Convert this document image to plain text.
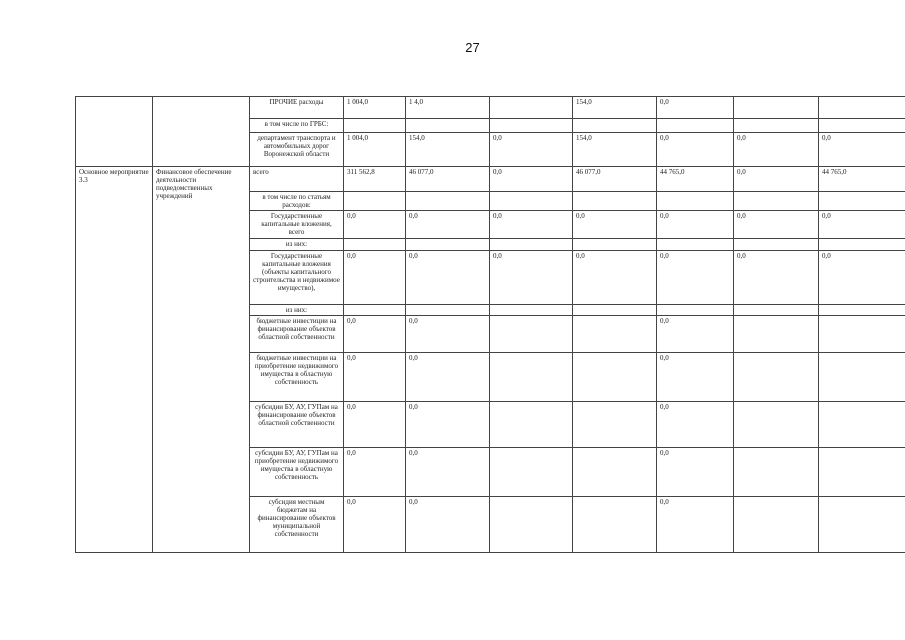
27
		ПРОЧИЕ расходы	1 004,0	1 4,0		154,0	0,0		
		в том числе по ГРБС:							
		департамент транспорта и автомобильных дорог Воронежской области	1 004,0	154,0	0,0	154,0	0,0	0,0	0,0
Основное мероприятие 3.3	Финансовое обеспечение деятельности подведомственных учреждений	всего	311 562,8	46 077,0	0,0	46 077,0	44 765,0	0,0	44 765,0
		в том числе по статьям расходов:							
		Государственные капитальные вложения, всего	0,0	0,0	0,0	0,0	0,0	0,0	0,0
		из них:							
		Государственные капитальные вложения (объекты капитального строительства и недвижимое имущество),	0,0	0,0	0,0	0,0	0,0	0,0	0,0
		из них:							
		бюджетные инвестиции на финансирование объектов областной собственности	0,0	0,0			0,0		
		бюджетные инвестиции на приобретение недвижимого имущества в областную собственность	0,0	0,0			0,0		
		субсидии БУ, АУ, ГУПам на финансирование объектов областной собственности	0,0	0,0			0,0		
		субсидии БУ, АУ, ГУПам на приобретение недвижимого имущества в областную собственность	0,0	0,0			0,0		
		субсидия местным бюджетам на финансирование объектов муниципальной собственности	0,0	0,0			0,0		
